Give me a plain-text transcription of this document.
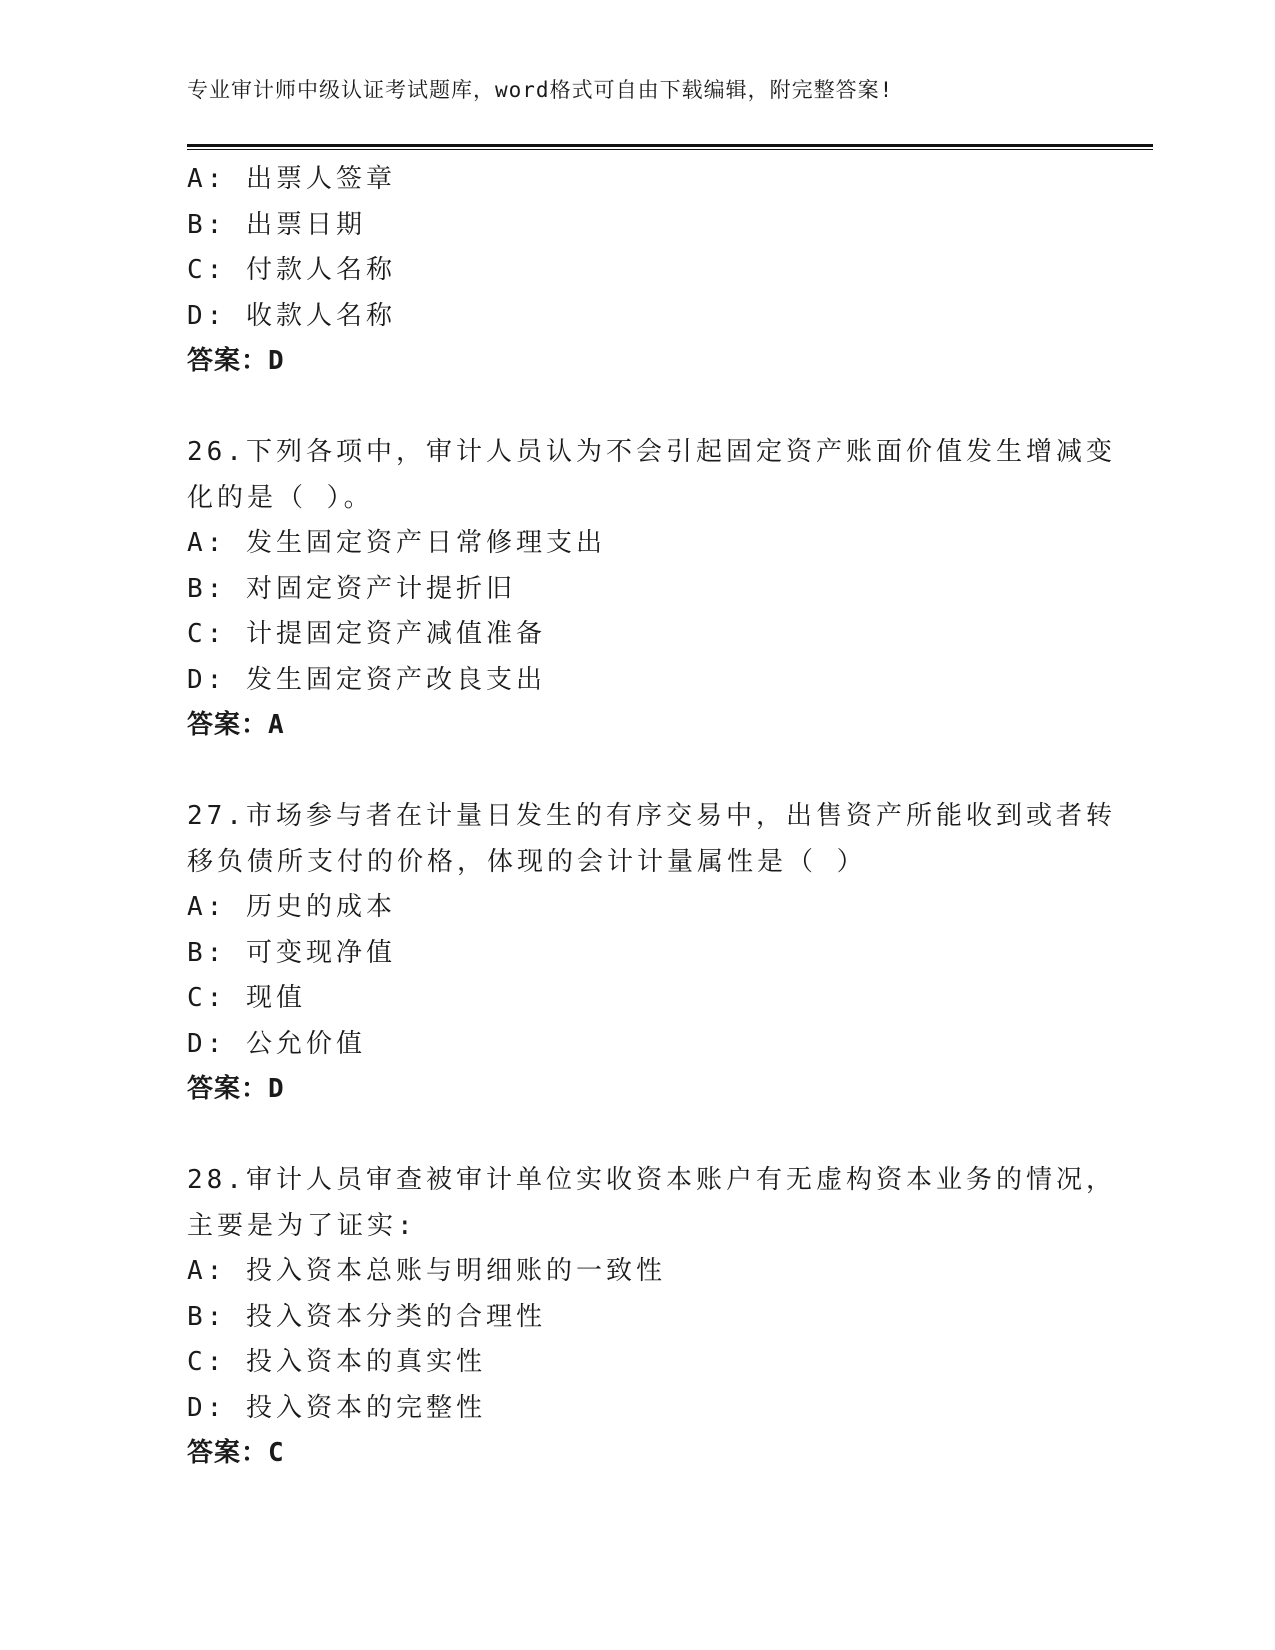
专业审计师中级认证考试题库，word格式可自由下载编辑，附完整答案!
A: 出票人签章
B: 出票日期
C: 付款人名称
D: 收款人名称
答案：D
26.下列各项中，审计人员认为不会引起固定资产账面价值发生增减变
化的是（ ）。
A: 发生固定资产日常修理支出
B: 对固定资产计提折旧
C: 计提固定资产减值准备
D: 发生固定资产改良支出
答案：A
27.市场参与者在计量日发生的有序交易中，出售资产所能收到或者转
移负债所支付的价格，体现的会计计量属性是（ ）
A: 历史的成本
B: 可变现净值
C: 现值
D: 公允价值
答案：D
28.审计人员审查被审计单位实收资本账户有无虚构资本业务的情况，
主要是为了证实:
A: 投入资本总账与明细账的一致性
B: 投入资本分类的合理性
C: 投入资本的真实性
D: 投入资本的完整性
答案：C
